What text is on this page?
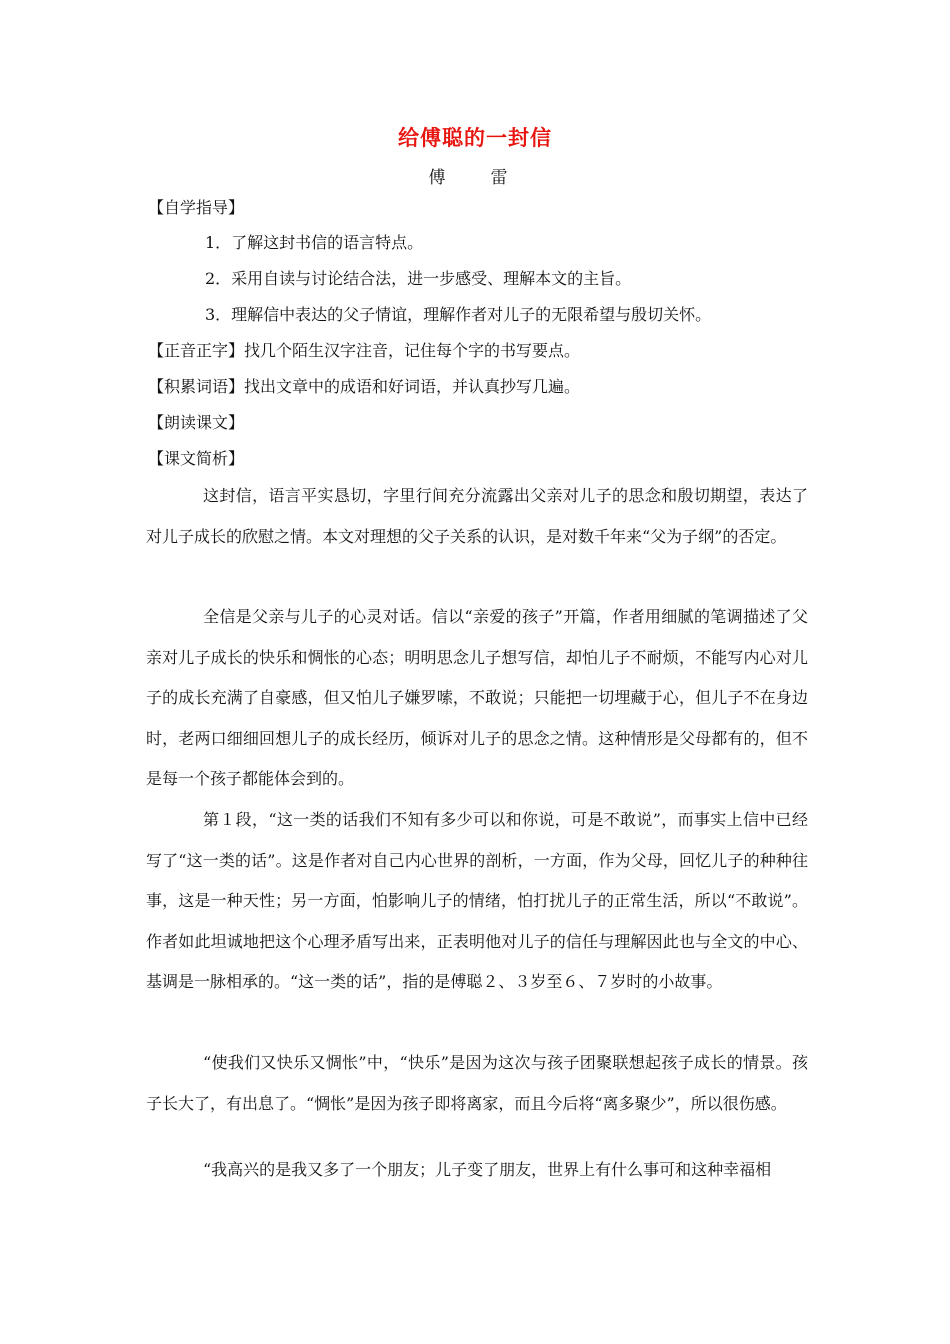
给傅聪的一封信
傅　雷
【自学指导】
1．了解这封书信的语言特点。
2．采用自读与讨论结合法，进一步感受、理解本文的主旨。
3．理解信中表达的父子情谊，理解作者对儿子的无限希望与殷切关怀。
【正音正字】找几个陌生汉字注音，记住每个字的书写要点。
【积累词语】找出文章中的成语和好词语，并认真抄写几遍。
【朗读课文】
【课文简析】
这封信，语言平实恳切，字里行间充分流露出父亲对儿子的思念和殷切期望，表达了对儿子成长的欣慰之情。本文对理想的父子关系的认识，是对数千年来“父为子纲”的否定。
全信是父亲与儿子的心灵对话。信以“亲爱的孩子”开篇，作者用细腻的笔调描述了父亲对儿子成长的快乐和惆怅的心态；明明思念儿子想写信，却怕儿子不耐烦，不能写内心对儿子的成长充满了自豪感，但又怕儿子嫌罗嗦，不敢说；只能把一切埋藏于心，但儿子不在身边时，老两口细细回想儿子的成长经历，倾诉对儿子的思念之情。这种情形是父母都有的，但不是每一个孩子都能体会到的。
第１段，“这一类的话我们不知有多少可以和你说，可是不敢说”，而事实上信中已经写了“这一类的话”。这是作者对自己内心世界的剖析，一方面，作为父母，回忆儿子的种种往事，这是一种天性；另一方面，怕影响儿子的情绪，怕打扰儿子的正常生活，所以“不敢说”。作者如此坦诚地把这个心理矛盾写出来，正表明他对儿子的信任与理解因此也与全文的中心、基调是一脉相承的。“这一类的话”，指的是傅聪２、３岁至６、７岁时的小故事。
“使我们又快乐又惆怅”中，“快乐”是因为这次与孩子团聚联想起孩子成长的情景。孩子长大了，有出息了。“惆怅”是因为孩子即将离家，而且今后将“离多聚少”，所以很伤感。
“我高兴的是我又多了一个朋友；儿子变了朋友，世界上有什么事可和这种幸福相
